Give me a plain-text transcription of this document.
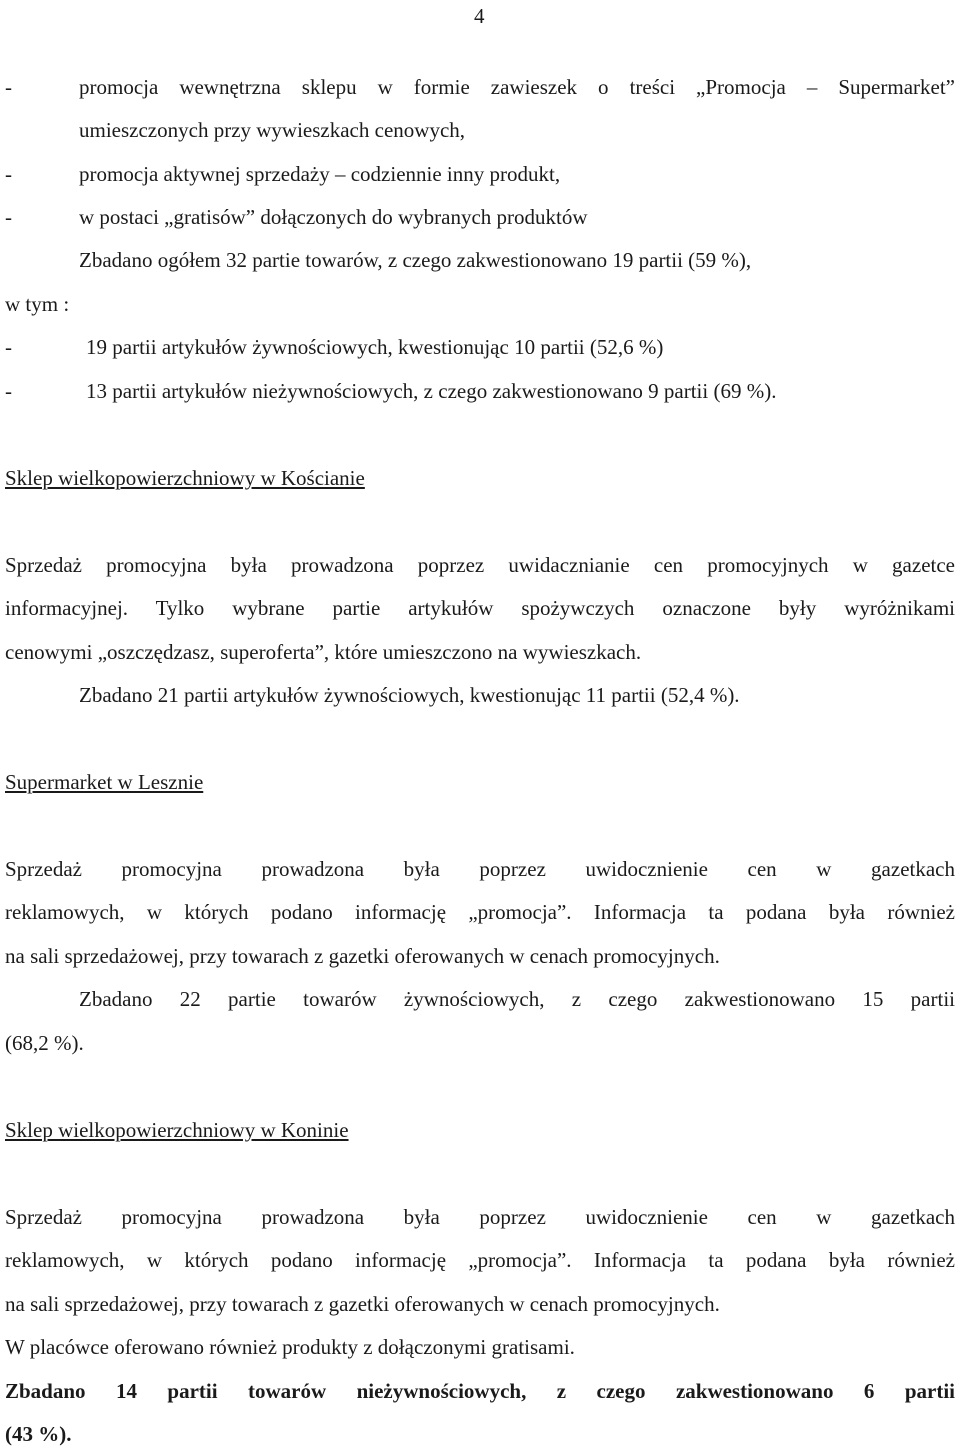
4
-	promocja wewnętrzna sklepu w formie zawieszek o treści „Promocja – Supermarket”
umieszczonych przy wywieszkach cenowych,
-	promocja aktywnej sprzedaży – codziennie inny produkt,
-	w postaci „gratisów” dołączonych do wybranych produktów
Zbadano ogółem 32 partie towarów, z czego zakwestionowano 19 partii (59 %),
w tym :
-	19 partii artykułów żywnościowych, kwestionując 10 partii (52,6 %)
-	13 partii artykułów nieżywnościowych, z czego zakwestionowano 9 partii (69 %).
Sklep wielkopowierzchniowy w Kościanie
Sprzedaż promocyjna była prowadzona poprzez uwidacznianie cen promocyjnych w gazetce
informacyjnej. Tylko wybrane partie artykułów spożywczych oznaczone były wyróżnikami
cenowymi „oszczędzasz, superoferta”, które umieszczono na wywieszkach.
Zbadano 21 partii artykułów żywnościowych, kwestionując 11 partii (52,4 %).
Supermarket w Lesznie
Sprzedaż promocyjna prowadzona była poprzez uwidocznienie cen w gazetkach
reklamowych, w których podano informację „promocja”. Informacja ta podana była również
na sali sprzedażowej, przy towarach z gazetki oferowanych w cenach promocyjnych.
Zbadano 22 partie towarów żywnościowych, z czego zakwestionowano 15 partii
(68,2 %).
Sklep wielkopowierzchniowy w Koninie
Sprzedaż promocyjna prowadzona była poprzez uwidocznienie cen w gazetkach
reklamowych, w których podano informację „promocja”. Informacja ta podana była również
na sali sprzedażowej, przy towarach z gazetki oferowanych w cenach promocyjnych.
W placówce oferowano również produkty z dołączonymi gratisami.
Zbadano 14 partii towarów nieżywnościowych, z czego zakwestionowano 6 partii
(43 %).
